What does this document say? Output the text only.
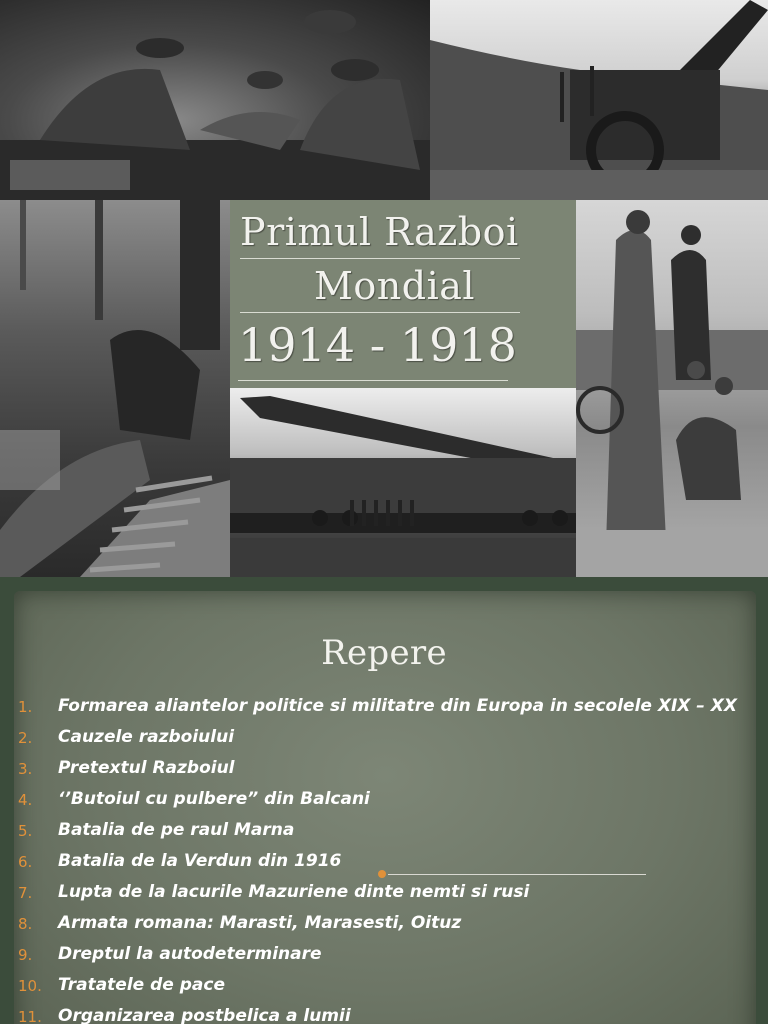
Primul Razboi
Mondial
1914 - 1918
Repere
1.	Formarea aliantelor politice si militatre din Europa in secolele XIX – XX
2.	Cauzele razboiului
3.	Pretextul Razboiul
4.	‘’Butoiul cu pulbere” din Balcani
5.	Batalia de pe raul Marna
6.	Batalia de la Verdun din 1916
7.	Lupta de la lacurile Mazuriene dinte nemti si rusi
8.	Armata romana: Marasti, Marasesti, Oituz
9.	Dreptul la autodeterminare
10. Tratatele de pace
11. Organizarea postbelica a lumii
